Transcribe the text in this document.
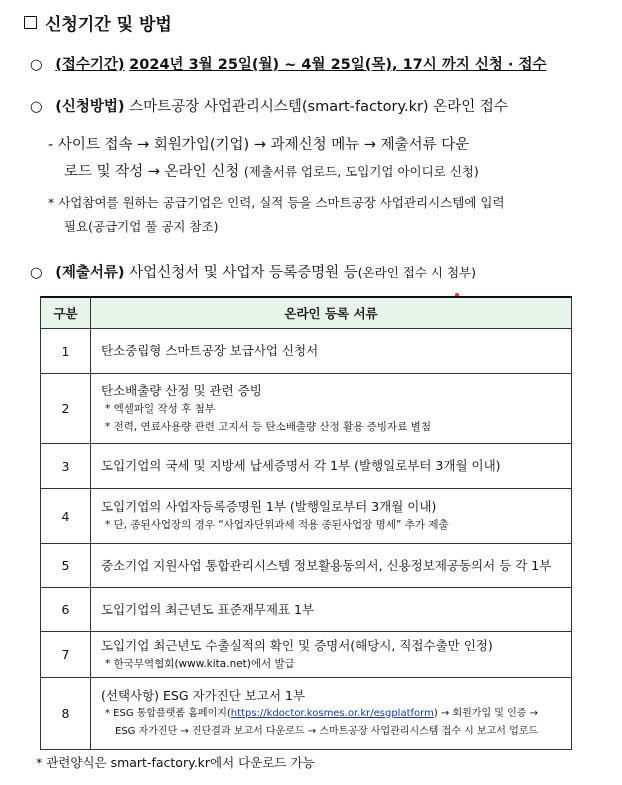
신청기간 및 방법
○ (접수기간) 2024년 3월 25일(월) ~ 4월 25일(목), 17시 까지 신청 · 접수
○ (신청방법) 스마트공장 사업관리시스템(smart-factory.kr) 온라인 접수
- 사이트 접속 → 회원가입(기업) → 과제신청 메뉴 → 제출서류 다운
로드 및 작성 → 온라인 신청 (제출서류 업로드, 도입기업 아이디로 신청)
* 사업참여를 원하는 공급기업은 인력, 실적 등을 스마트공장 사업관리시스템에 입력
필요(공급기업 풀 공지 참조)
○ (제출서류) 사업신청서 및 사업자 등록증명원 등(온라인 접수 시 첨부)
구분	온라인 등록 서류
1	탄소중립형 스마트공장 보급사업 신청서
2	탄소배출량 산정 및 관련 증빙
* 엑셀파일 작성 후 첨부
* 전력, 연료사용량 관련 고지서 등 탄소배출량 산정 활용 증빙자료 별첨

3	도입기업의 국세 및 지방세 납세증명서 각 1부 (발행일로부터 3개월 이내)
4	도입기업의 사업자등록증명원 1부 (발행일로부터 3개월 이내)
* 단, 종된사업장의 경우 “사업자단위과세 적용 종된사업장 명세” 추가 제출

5	중소기업 지원사업 통합관리시스템 정보활용동의서, 신용정보제공동의서 등 각 1부
6	도입기업의 최근년도 표준재무제표 1부
7	도입기업 최근년도 수출실적의 확인 및 증명서(해당시, 직접수출만 인정)
* 한국무역협회(www.kita.net)에서 발급

8	(선택사항) ESG 자가진단 보고서 1부
* ESG 통합플랫폼 홈페이지(https://kdoctor.kosmes.or.kr/esgplatform) → 회원가입 및 인증 →
ESG 자가진단 → 진단결과 보고서 다운로드 → 스마트공장 사업관리시스템 접수 시 보고서 업로드
* 관련양식은 smart-factory.kr에서 다운로드 가능
